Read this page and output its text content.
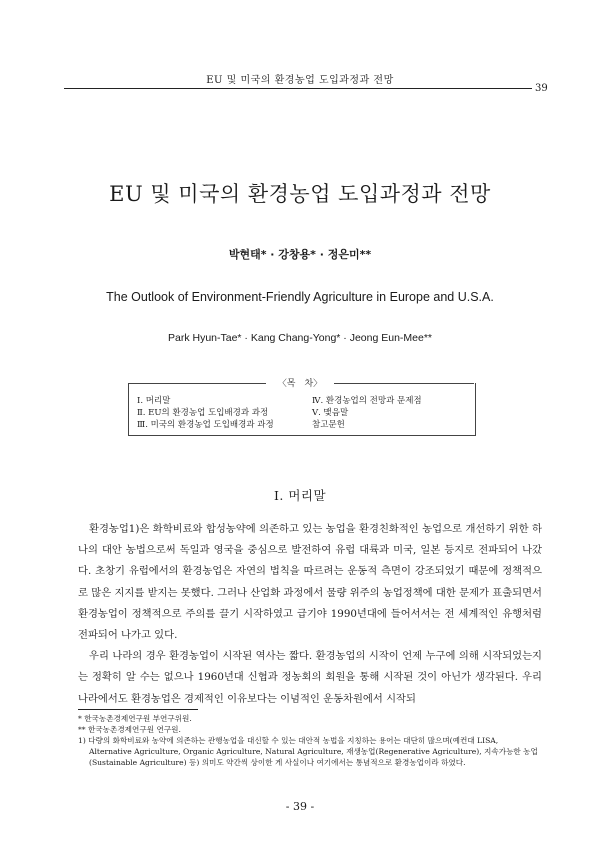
EU 및 미국의 환경농업 도입과정과 전망
39
EU 및 미국의 환경농업 도입과정과 전망
박현태* · 강창용* · 정은미**
The Outlook of Environment-Friendly Agriculture in Europe and U.S.A.
Park Hyun-Tae* · Kang Chang-Yong* · Jeong Eun-Mee**
〈목　차〉
Ⅰ. 머리말
Ⅱ. EU의 환경농업 도입배경과 과정
Ⅲ. 미국의 환경농업 도입배경과 과정
Ⅳ. 환경농업의 전망과 문제점
Ⅴ. 맺음말
참고문헌
Ⅰ. 머리말

환경농업1)은 화학비료와 합성농약에 의존하고 있는 농업을 환경친화적인 농업으로 개선하기 위한 하나의 대안 농법으로써 독일과 영국을 중심으로 발전하여 유럽 대륙과 미국, 일본 등지로 전파되어 나갔다. 초창기 유럽에서의 환경농업은 자연의 법칙을 따르려는 운동적 측면이 강조되었기 때문에 정책적으로 많은 지지를 받지는 못했다. 그러나 산업화 과정에서 물량 위주의 농업정책에 대한 문제가 표출되면서 환경농업이 정책적으로 주의를 끌기 시작하였고 급기야 1990년대에 들어서서는 전 세계적인 유행처럼 전파되어 나가고 있다.

우리 나라의 경우 환경농업이 시작된 역사는 짧다. 환경농업의 시작이 언제 누구에 의해 시작되었는지는 정확히 알 수는 없으나 1960년대 신협과 정농회의 회원을 통해 시작된 것이 아닌가 생각된다. 우리 나라에서도 환경농업은 경제적인 이유보다는 이념적인 운동차원에서 시작되

* 한국농촌경제연구원 부연구위원.
** 한국농촌경제연구원 연구원.
1) 다량의 화학비료와 농약에 의존하는 관행농업을 대신할 수 있는 대안적 농법을 지칭하는 용어는 대단히 많으며(예컨대 LISA, Alternative Agriculture, Organic Agriculture, Natural Agriculture, 재생농업(Regenerative Agriculture), 지속가능한 농업(Sustainable Agriculture) 등) 의미도 약간씩 상이한 게 사실이나 여기에서는 통념적으로 환경농업이라 하였다.
- 39 -
